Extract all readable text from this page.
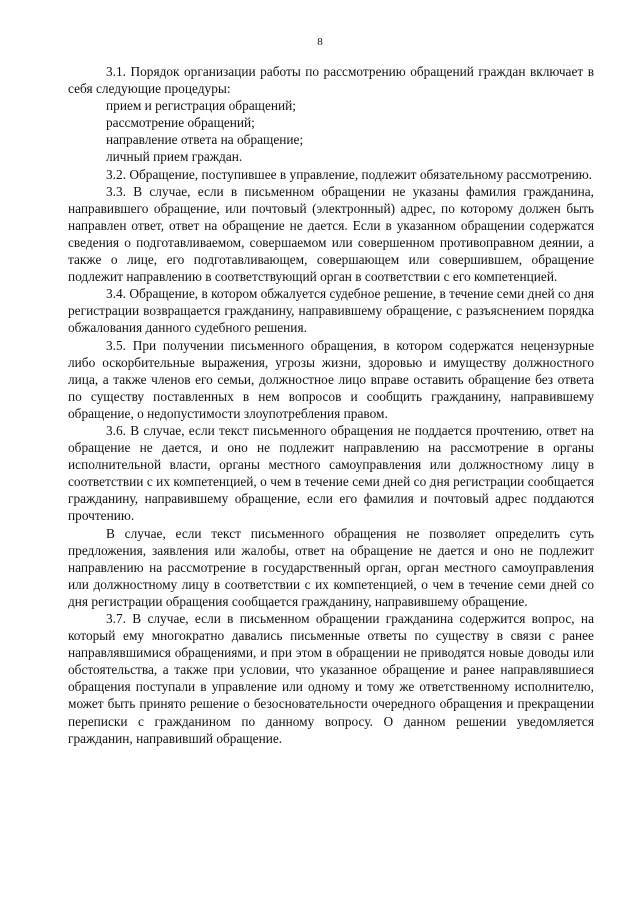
8

3.1. Порядок организации работы по рассмотрению обращений граждан включает в себя следующие процедуры:

прием и регистрация обращений;

рассмотрение обращений;

направление ответа на обращение;

личный прием граждан.

3.2. Обращение, поступившее в управление, подлежит обязательному рассмотрению.

3.3. В случае, если в письменном обращении не указаны фамилия гражданина, направившего обращение, или почтовый (электронный) адрес, по которому должен быть направлен ответ, ответ на обращение не дается. Если в указанном обращении содержатся сведения о подготавливаемом, совершаемом или совершенном противоправном деянии, а также о лице, его подготавливающем, совершающем или совершившем, обращение подлежит направлению в соответствующий орган в соответствии с его компетенцией.

3.4. Обращение, в котором обжалуется судебное решение, в течение семи дней со дня регистрации возвращается гражданину, направившему обращение, с разъяснением порядка обжалования данного судебного решения.

3.5. При получении письменного обращения, в котором содержатся нецензурные либо оскорбительные выражения, угрозы жизни, здоровью и имуществу должностного лица, а также членов его семьи, должностное лицо вправе оставить обращение без ответа по существу поставленных в нем вопросов и сообщить гражданину, направившему обращение, о недопустимости злоупотребления правом.

3.6. В случае, если текст письменного обращения не поддается прочтению, ответ на обращение не дается, и оно не подлежит направлению на рассмотрение в органы исполнительной власти, органы местного самоуправления или должностному лицу в соответствии с их компетенцией, о чем в течение семи дней со дня регистрации сообщается гражданину, направившему обращение, если его фамилия и почтовый адрес поддаются прочтению.

В случае, если текст письменного обращения не позволяет определить суть предложения, заявления или жалобы, ответ на обращение не дается и оно не подлежит направлению на рассмотрение в государственный орган, орган местного самоуправления или должностному лицу в соответствии с их компетенцией, о чем в течение семи дней со дня регистрации обращения сообщается гражданину, направившему обращение.

3.7. В случае, если в письменном обращении гражданина содержится вопрос, на который ему многократно давались письменные ответы по существу в связи с ранее направлявшимися обращениями, и при этом в обращении не приводятся новые доводы или обстоятельства, а также при условии, что указанное обращение и ранее направлявшиеся обращения поступали в управление или одному и тому же ответственному исполнителю, может быть принято решение о безосновательности очередного обращения и прекращении переписки с гражданином по данному вопросу. О данном решении уведомляется гражданин, направивший обращение.
